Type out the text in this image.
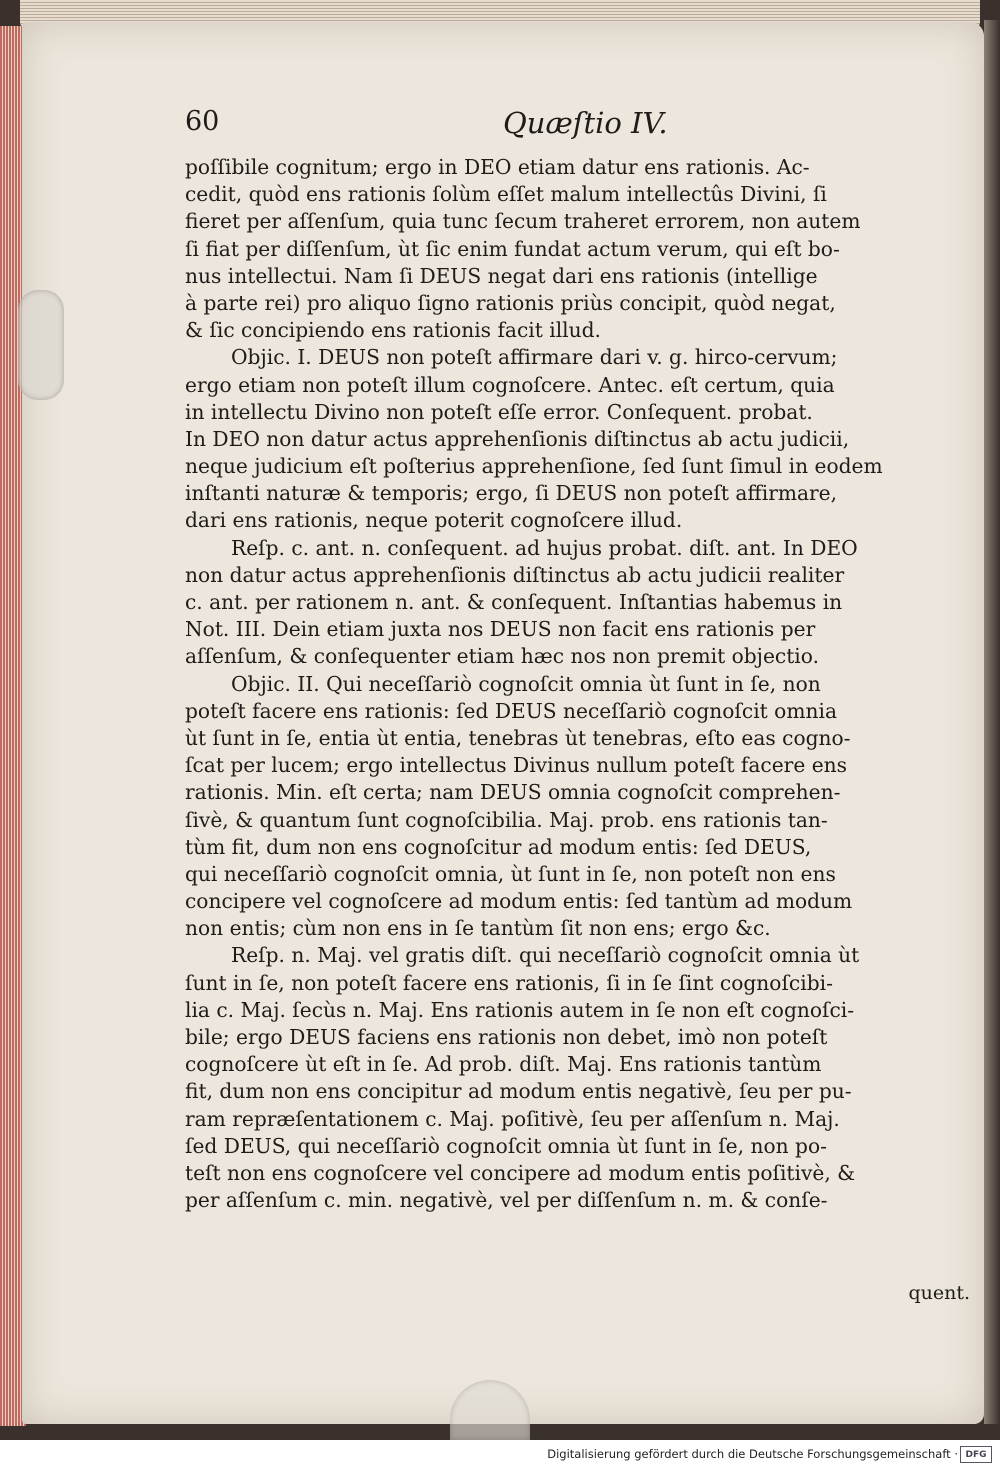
60	Quæſtio IV.
poſſibile cognitum; ergo in DEO etiam datur ens rationis. Ac-
cedit, quòd ens rationis ſolùm eſſet malum intellectûs Divini, ſi
fieret per aſſenſum, quia tunc ſecum traheret errorem, non autem
ſi fiat per diſſenſum, ùt ſic enim fundat actum verum, qui eſt bo-
nus intellectui. Nam ſi DEUS negat dari ens rationis (intellige
à parte rei) pro aliquo ſigno rationis priùs concipit, quòd negat,
& ſic concipiendo ens rationis facit illud.
Objic. I. DEUS non poteſt affirmare dari v. g. hirco-cervum;
ergo etiam non poteſt illum cognoſcere. Antec. eſt certum, quia
in intellectu Divino non poteſt eſſe error. Conſequent. probat.
In DEO non datur actus apprehenſionis diſtinctus ab actu judicii,
neque judicium eſt poſterius apprehenſione, ſed ſunt ſimul in eodem
inſtanti naturæ & temporis; ergo, ſi DEUS non poteſt affirmare,
dari ens rationis, neque poterit cognoſcere illud.
Reſp. c. ant. n. conſequent. ad hujus probat. diſt. ant. In DEO
non datur actus apprehenſionis diſtinctus ab actu judicii realiter
c. ant. per rationem n. ant. & conſequent. Inſtantias habemus in
Not. III. Dein etiam juxta nos DEUS non facit ens rationis per
aſſenſum, & conſequenter etiam hæc nos non premit objectio.
Objic. II. Qui neceſſariò cognoſcit omnia ùt ſunt in ſe, non
poteſt facere ens rationis: ſed DEUS neceſſariò cognoſcit omnia
ùt ſunt in ſe, entia ùt entia, tenebras ùt tenebras, eſto eas cogno-
ſcat per lucem; ergo intellectus Divinus nullum poteſt facere ens
rationis. Min. eſt certa; nam DEUS omnia cognoſcit comprehen-
ſivè, & quantum ſunt cognoſcibilia. Maj. prob. ens rationis tan-
tùm fit, dum non ens cognoſcitur ad modum entis: ſed DEUS,
qui neceſſariò cognoſcit omnia, ùt ſunt in ſe, non poteſt non ens
concipere vel cognoſcere ad modum entis: ſed tantùm ad modum
non entis; cùm non ens in ſe tantùm ſit non ens; ergo &c.
Reſp. n. Maj. vel gratis diſt. qui neceſſariò cognoſcit omnia ùt
ſunt in ſe, non poteſt facere ens rationis, ſi in ſe ſint cognoſcibi-
lia c. Maj. ſecùs n. Maj. Ens rationis autem in ſe non eſt cognoſci-
bile; ergo DEUS faciens ens rationis non debet, imò non poteſt
cognoſcere ùt eſt in ſe. Ad prob. diſt. Maj. Ens rationis tantùm
fit, dum non ens concipitur ad modum entis negativè, ſeu per pu-
ram repræſentationem c. Maj. poſitivè, ſeu per aſſenſum n. Maj.
ſed DEUS, qui neceſſariò cognoſcit omnia ùt ſunt in ſe, non po-
teſt non ens cognoſcere vel concipere ad modum entis poſitivè, &
per aſſenſum c. min. negativè, vel per diſſenſum n. m. & conſe-
quent.
Digitalisierung gefördert durch die Deutsche Forschungsgemeinschaft · DFG
